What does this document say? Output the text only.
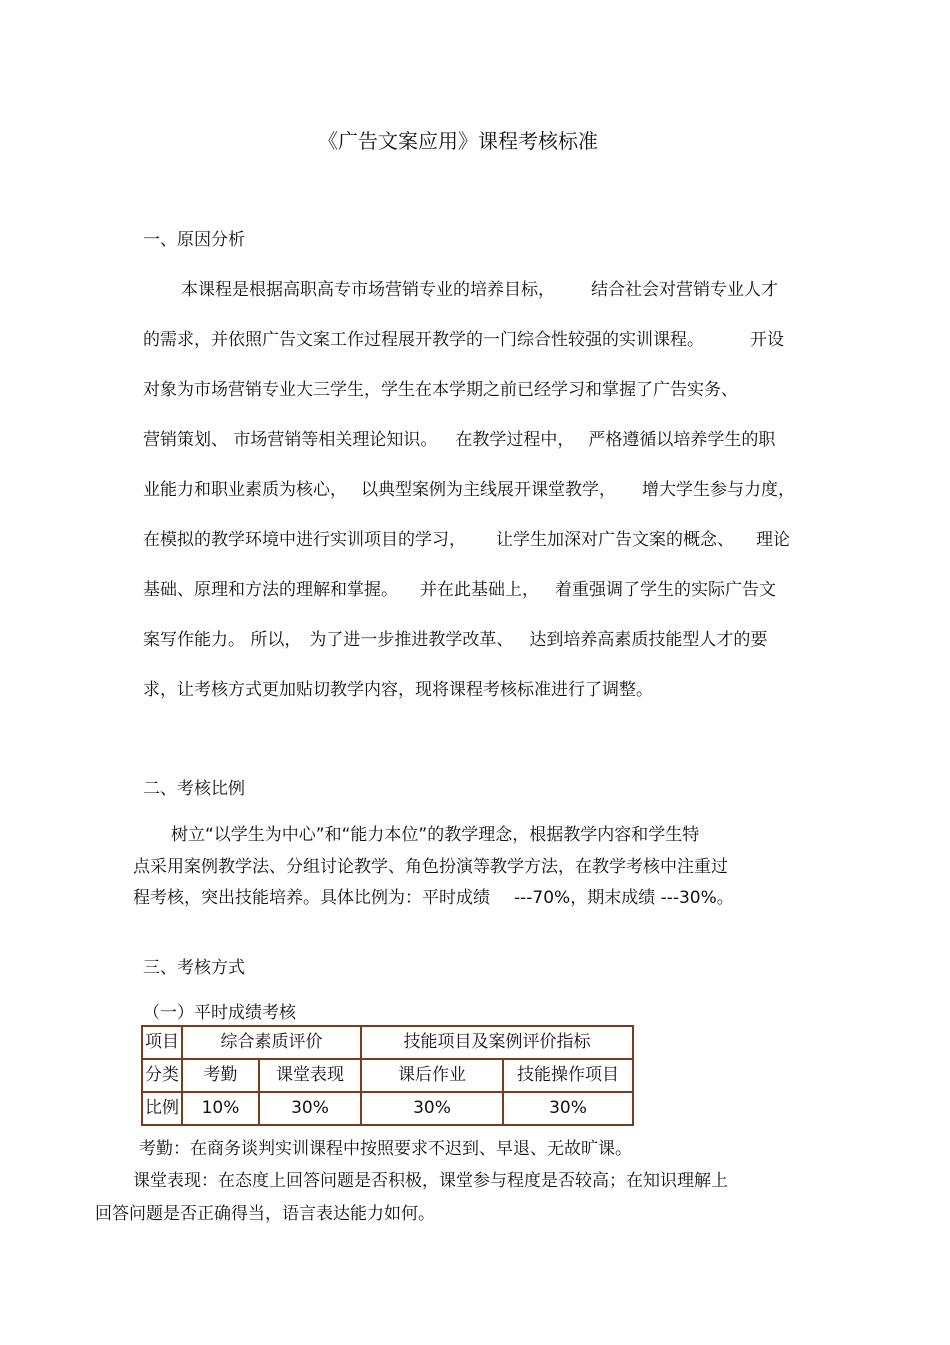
《广告文案应用》课程考核标准
一、原因分析
本课程是根据高职高专市场营销专业的培养目标， 结合社会对营销专业人才
的需求，并依照广告文案工作过程展开教学的一门综合性较强的实训课程。	开设
对象为市场营销专业大三学生，学生在本学期之前已经学习和掌握了广告实务、
营销策划、 市场营销等相关理论知识。 在教学过程中， 严格遵循以培养学生的职
业能力和职业素质为核心， 以典型案例为主线展开课堂教学， 增大学生参与力度，
在模拟的教学环境中进行实训项目的学习， 让学生加深对广告文案的概念、 理论
基础、原理和方法的理解和掌握。 并在此基础上， 着重强调了学生的实际广告文
案写作能力。 所以， 为了进一步推进教学改革、 达到培养高素质技能型人才的要
求，让考核方式更加贴切教学内容，现将课程考核标准进行了调整。
二、考核比例
树立“以学生为中心”和“能力本位”的教学理念，根据教学内容和学生特
点采用案例教学法、分组讨论教学、角色扮演等教学方法，在教学考核中注重过
程考核，突出技能培养。具体比例为：平时成绩 ---70%，期末成绩 ---30%。
三、考核方式
（一）平时成绩考核
项目	综合素质评价		技能项目及案例评价指标	
分类	考勤	课堂表现	课后作业	技能操作项目
比例	10%	30%	30%	30%
考勤：在商务谈判实训课程中按照要求不迟到、早退、无故旷课。
课堂表现：在态度上回答问题是否积极，课堂参与程度是否较高；在知识理解上
回答问题是否正确得当，语言表达能力如何。
